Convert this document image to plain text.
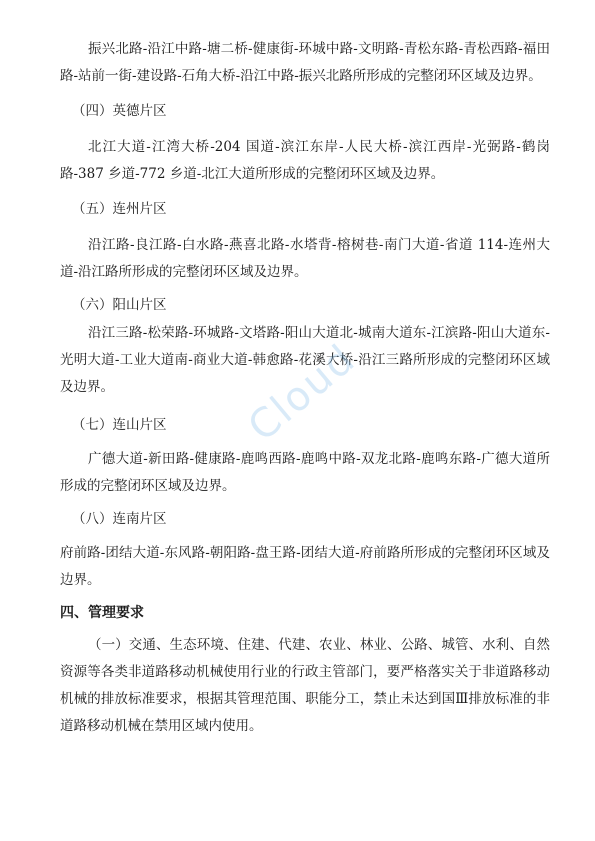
振兴北路-沿江中路-塘二桥-健康街-环城中路-文明路-青松东路-青松西路-福田路-站前一街-建设路-石角大桥-沿江中路-振兴北路所形成的完整闭环区域及边界。

（四）英德片区

北江大道-江湾大桥-204 国道-滨江东岸-人民大桥-滨江西岸-光弼路-鹤岗路-387 乡道-772 乡道-北江大道所形成的完整闭环区域及边界。

（五）连州片区

沿江路-良江路-白水路-燕喜北路-水塔背-榕树巷-南门大道-省道 114-连州大道-沿江路所形成的完整闭环区域及边界。

（六）阳山片区

沿江三路-松荣路-环城路-文塔路-阳山大道北-城南大道东-江滨路-阳山大道东-光明大道-工业大道南-商业大道-韩愈路-花溪大桥-沿江三路所形成的完整闭环区域及边界。

（七）连山片区

广德大道-新田路-健康路-鹿鸣西路-鹿鸣中路-双龙北路-鹿鸣东路-广德大道所形成的完整闭环区域及边界。

（八）连南片区

府前路-团结大道-东风路-朝阳路-盘王路-团结大道-府前路所形成的完整闭环区域及边界。

四、管理要求

（一）交通、生态环境、住建、代建、农业、林业、公路、城管、水利、自然资源等各类非道路移动机械使用行业的行政主管部门，要严格落实关于非道路移动机械的排放标准要求，根据其管理范围、职能分工，禁止未达到国Ⅲ排放标准的非道路移动机械在禁用区域内使用。

Cloud
